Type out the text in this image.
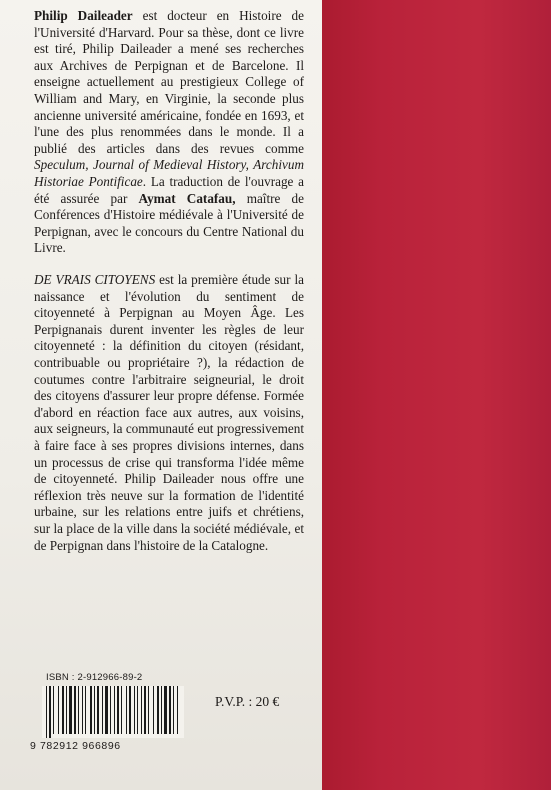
Philip Daileader est docteur en Histoire de l'Université d'Harvard. Pour sa thèse, dont ce livre est tiré, Philip Daileader a mené ses recherches aux Archives de Perpignan et de Barcelone. Il enseigne actuellement au prestigieux College of William and Mary, en Virginie, la seconde plus ancienne université américaine, fondée en 1693, et l'une des plus renommées dans le monde. Il a publié des articles dans des revues comme Speculum, Journal of Medieval History, Archivum Historiae Pontificae. La traduction de l'ouvrage a été assurée par Aymat Catafau, maître de Conférences d'Histoire médiévale à l'Université de Perpignan, avec le concours du Centre National du Livre.
DE VRAIS CITOYENS est la première étude sur la naissance et l'évolution du sentiment de citoyenneté à Perpignan au Moyen Âge. Les Perpignanais durent inventer les règles de leur citoyenneté : la définition du citoyen (résidant, contribuable ou propriétaire ?), la rédaction de coutumes contre l'arbitraire seigneurial, le droit des citoyens d'assurer leur propre défense. Formée d'abord en réaction face aux autres, aux voisins, aux seigneurs, la communauté eut progressivement à faire face à ses propres divisions internes, dans un processus de crise qui transforma l'idée même de citoyenneté. Philip Daileader nous offre une réflexion très neuve sur la formation de l'identité urbaine, sur les relations entre juifs et chrétiens, sur la place de la ville dans la société médiévale, et de Perpignan dans l'histoire de la Catalogne.
ISBN : 2-912966-89-2
9 782912 966896
P.V.P. : 20 €
